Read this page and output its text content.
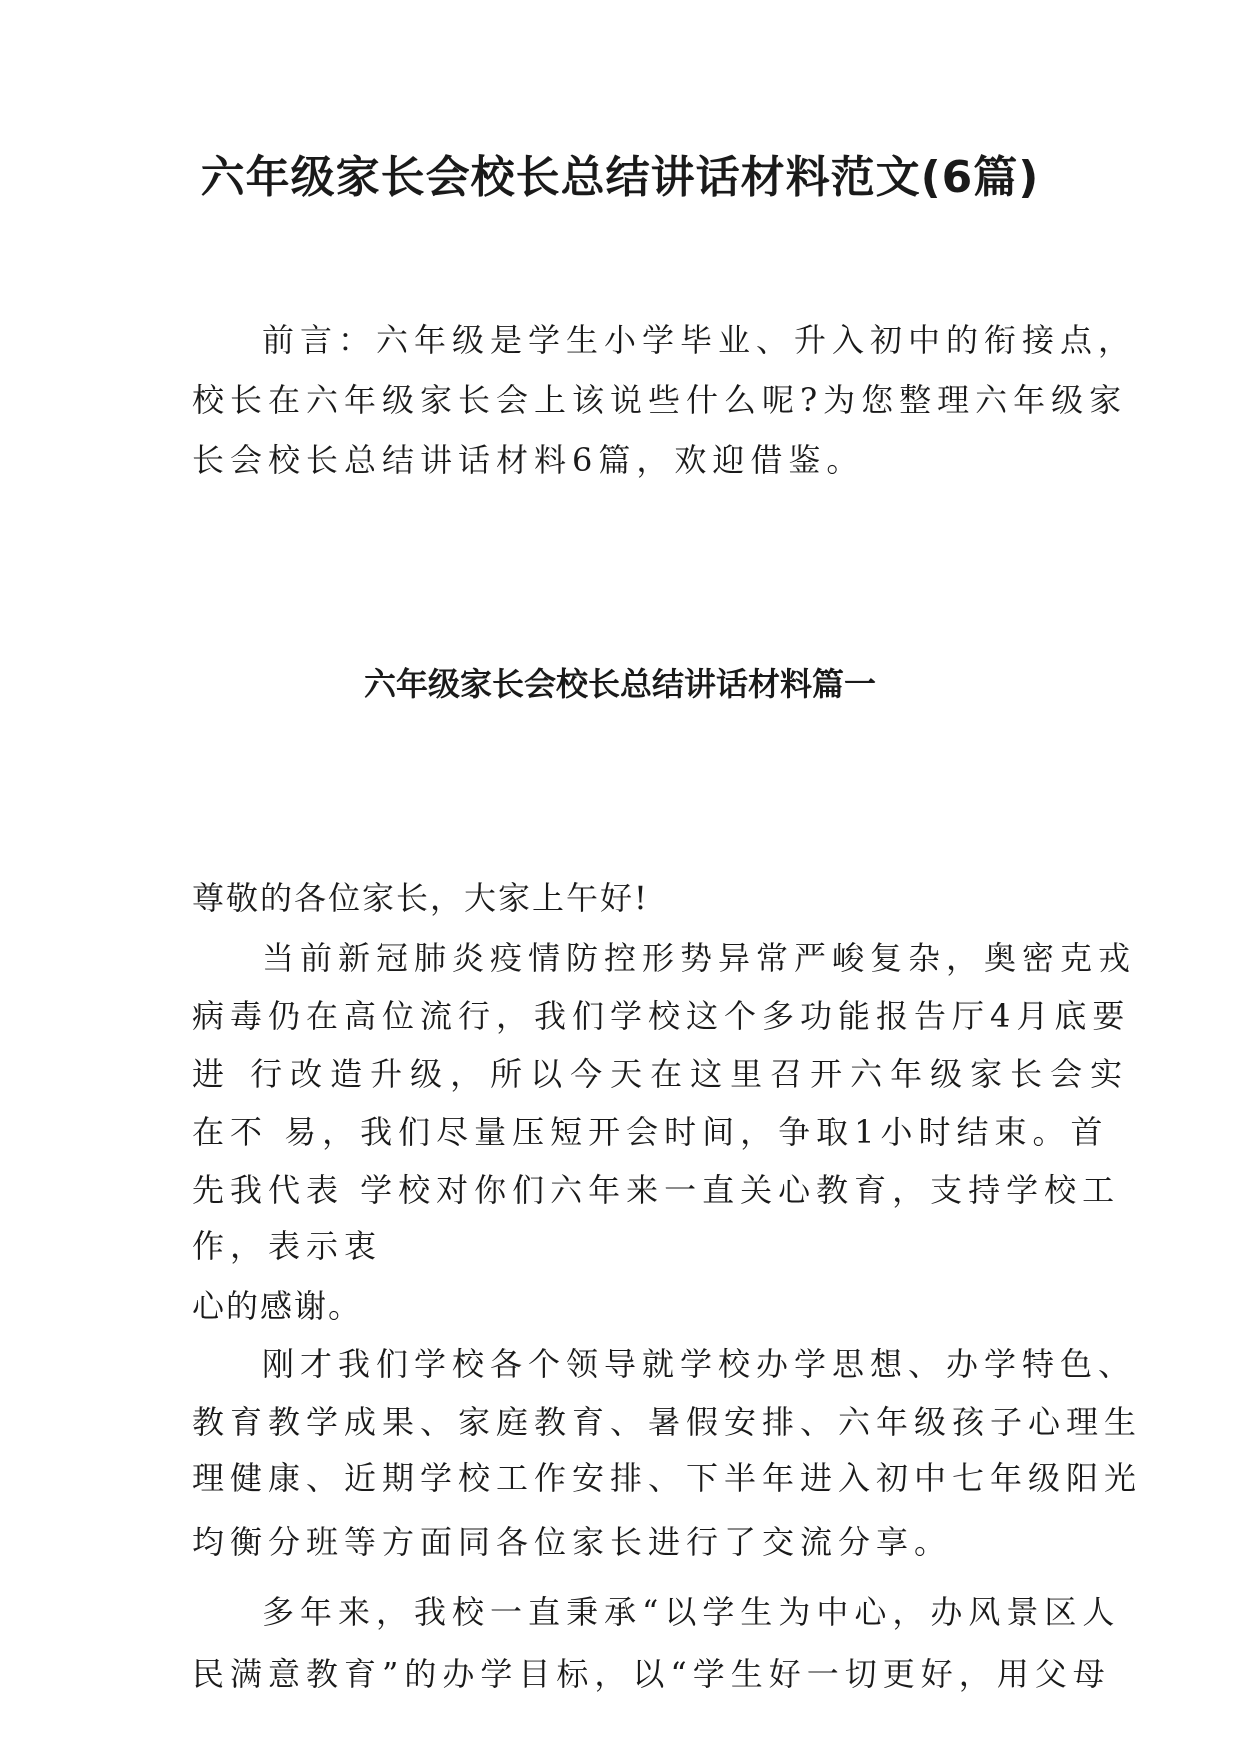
六年级家长会校长总结讲话材料范文(6篇)

前言：六年级是学生小学毕业、升入初中的衔接点，

校长在六年级家长会上该说些什么呢?为您整理六年级家

长会校长总结讲话材料6篇，欢迎借鉴。

六年级家长会校长总结讲话材料篇一

尊敬的各位家长，大家上午好!

当前新冠肺炎疫情防控形势异常严峻复杂，奥密克戎

病毒仍在高位流行，我们学校这个多功能报告厅4月底要

进 行改造升级，所以今天在这里召开六年级家长会实

在不 易，我们尽量压短开会时间，争取1小时结束。首

先我代表 学校对你们六年来一直关心教育，支持学校工

作，表示衷

心的感谢。

刚才我们学校各个领导就学校办学思想、办学特色、

教育教学成果、家庭教育、暑假安排、六年级孩子心理生

理健康、近期学校工作安排、下半年进入初中七年级阳光

均衡分班等方面同各位家长进行了交流分享。

多年来，我校一直秉承“以学生为中心，办风景区人

民满意教育”的办学目标，以“学生好一切更好，用父母
